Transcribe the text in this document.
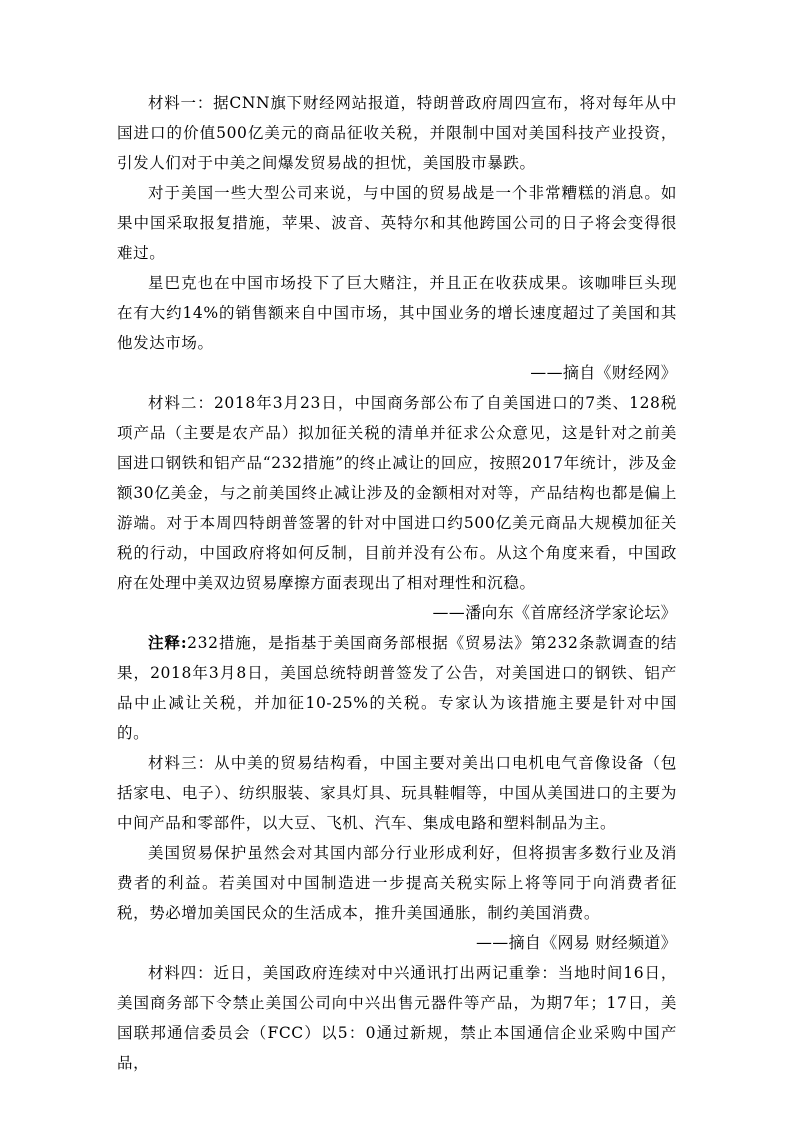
材料一：据CNN旗下财经网站报道，特朗普政府周四宣布，将对每年从中国进口的价值500亿美元的商品征收关税，并限制中国对美国科技产业投资，引发人们对于中美之间爆发贸易战的担忧，美国股市暴跌。

对于美国一些大型公司来说，与中国的贸易战是一个非常糟糕的消息。如果中国采取报复措施，苹果、波音、英特尔和其他跨国公司的日子将会变得很难过。

星巴克也在中国市场投下了巨大赌注，并且正在收获成果。该咖啡巨头现在有大约14%的销售额来自中国市场，其中国业务的增长速度超过了美国和其他发达市场。

——摘自《财经网》

材料二：2018年3月23日，中国商务部公布了自美国进口的7类、128税项产品（主要是农产品）拟加征关税的清单并征求公众意见，这是针对之前美国进口钢铁和铝产品“232措施”的终止减让的回应，按照2017年统计，涉及金额30亿美金，与之前美国终止减让涉及的金额相对对等，产品结构也都是偏上游端。对于本周四特朗普签署的针对中国进口约500亿美元商品大规模加征关税的行动，中国政府将如何反制，目前并没有公布。从这个角度来看，中国政府在处理中美双边贸易摩擦方面表现出了相对理性和沉稳。

——潘向东《首席经济学家论坛》

注释:232措施，是指基于美国商务部根据《贸易法》第232条款调查的结果，2018年3月8日，美国总统特朗普签发了公告，对美国进口的钢铁、铝产品中止减让关税，并加征10-25%的关税。专家认为该措施主要是针对中国的。

材料三：从中美的贸易结构看，中国主要对美出口电机电气音像设备（包括家电、电子）、纺织服装、家具灯具、玩具鞋帽等，中国从美国进口的主要为中间产品和零部件，以大豆、飞机、汽车、集成电路和塑料制品为主。

美国贸易保护虽然会对其国内部分行业形成利好，但将损害多数行业及消费者的利益。若美国对中国制造进一步提高关税实际上将等同于向消费者征税，势必增加美国民众的生活成本，推升美国通胀，制约美国消费。

——摘自《网易 财经频道》

材料四：近日，美国政府连续对中兴通讯打出两记重拳：当地时间16日，美国商务部下令禁止美国公司向中兴出售元器件等产品，为期7年；17日，美国联邦通信委员会（FCC）以5：0通过新规，禁止本国通信企业采购中国产品，
